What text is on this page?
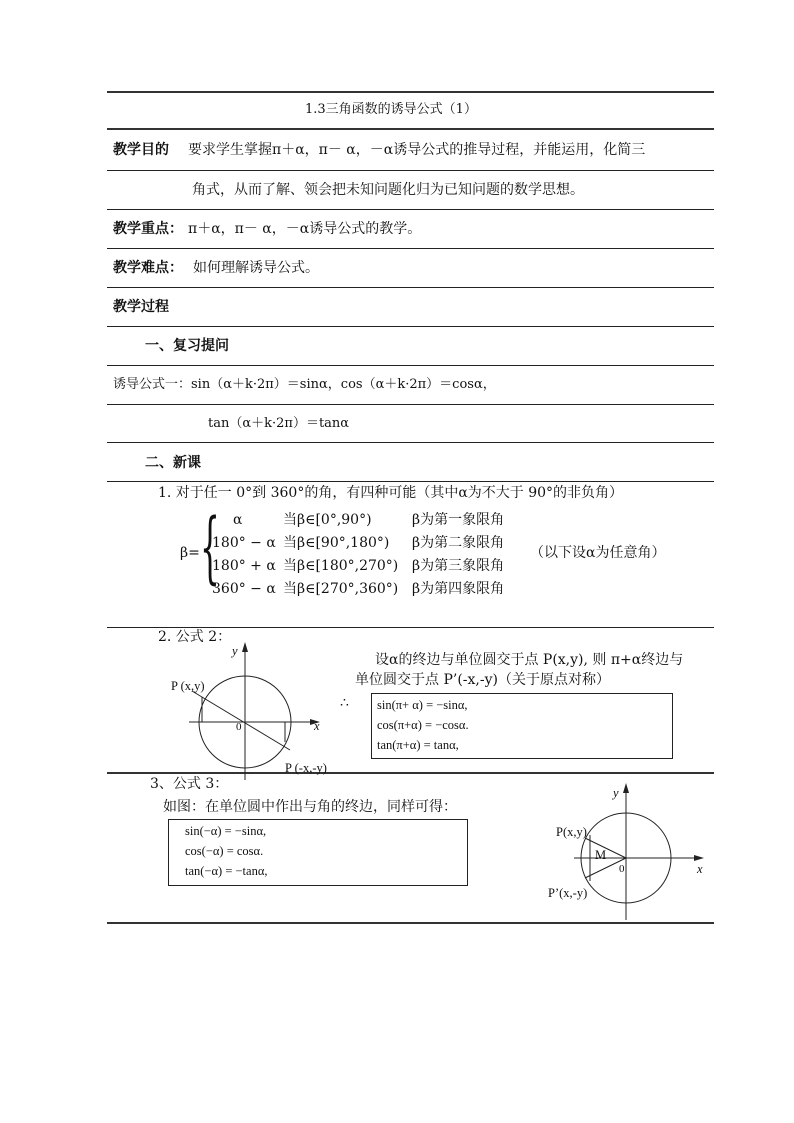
1.3三角函数的诱导公式（1）
教学目的 要求学生掌握π＋α，π－ α，－α诱导公式的推导过程，并能运用，化简三
角式，从而了解、领会把未知问题化归为已知问题的数学思想。
教学重点： π＋α，π－ α，－α诱导公式的教学。
教学难点： 如何理解诱导公式。
教学过程
一、复习提问
诱导公式一：sin（α＋k·2π）＝sinα，cos（α＋k·2π）＝cosα，
tan（α＋k·2π）＝tanα
二、新课
1. 对于任一 0°到 360°的角，有四种可能（其中α为不大于 90°的非负角）
β= { α	当β∈[0°,90°)	β为第一象限角
180° − α 当β∈[90°,180°) β为第二象限角
180° + α 当β∈[180°,270°) β为第三象限角
360° − α 当β∈[270°,360°) β为第四象限角
（以下设α为任意角）
2. 公式 2：
设α的终边与单位圆交于点 P(x,y), 则 π+α终边与
单位圆交于点 P’(-x,-y)（关于原点对称）
∴ sin(π+ α) = −sinα,
cos(π+α) = −cosα.
tan(π+α) = tanα,
y
x
0
P (x,y)
P (-x,-y)
3、公式 3：
如图：在单位圆中作出与角的终边，同样可得：
sin(−α) = −sinα,
cos(−α) = cosα.
tan(−α) = −tanα,
y
x
0
M
P(x,y)
P’(x,-y)
